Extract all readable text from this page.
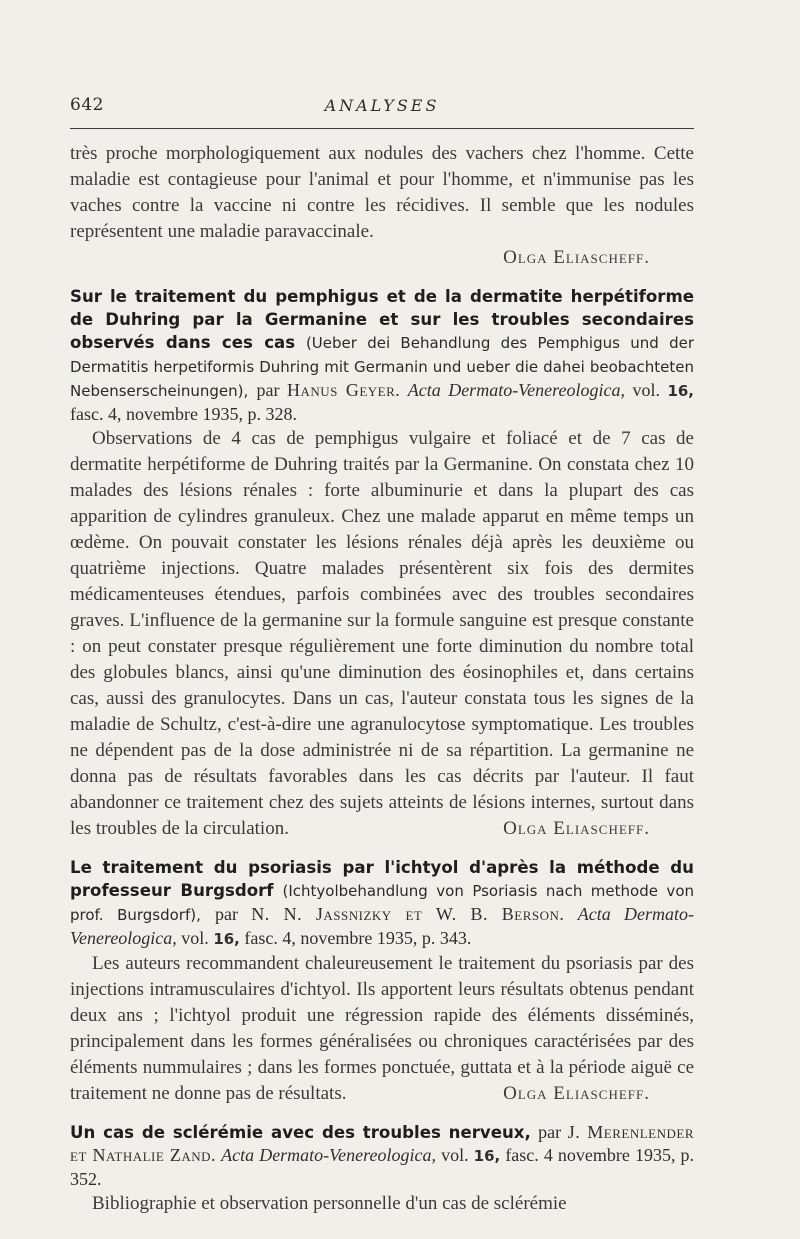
642	ANALYSES

très proche morphologiquement aux nodules des vachers chez l'homme. Cette maladie est contagieuse pour l'animal et pour l'homme, et n'immunise pas les vaches contre la vaccine ni contre les récidives. Il semble que les nodules représentent une maladie paravaccinale.

Olga Eliascheff.

Sur le traitement du pemphigus et de la dermatite herpétiforme de Duhring par la Germanine et sur les troubles secondaires observés dans ces cas (Ueber dei Behandlung des Pemphigus und der Dermatitis herpetiformis Duhring mit Germanin und ueber die dahei beobachteten Nebenserscheinungen), par Hanus Geyer. Acta Dermato-Venereologica, vol. 16, fasc. 4, novembre 1935, p. 328.

Observations de 4 cas de pemphigus vulgaire et foliacé et de 7 cas de dermatite herpétiforme de Duhring traités par la Germanine. On constata chez 10 malades des lésions rénales : forte albuminurie et dans la plupart des cas apparition de cylindres granuleux. Chez une malade apparut en même temps un œdème. On pouvait constater les lésions rénales déjà après les deuxième ou quatrième injections. Quatre malades présentèrent six fois des dermites médicamenteuses étendues, parfois combinées avec des troubles secondaires graves. L'influence de la germanine sur la formule sanguine est presque constante : on peut constater presque régulièrement une forte diminution du nombre total des globules blancs, ainsi qu'une diminution des éosinophiles et, dans certains cas, aussi des granulocytes. Dans un cas, l'auteur constata tous les signes de la maladie de Schultz, c'est-à-dire une agranulocytose symptomatique. Les troubles ne dépendent pas de la dose administrée ni de sa répartition. La germanine ne donna pas de résultats favorables dans les cas décrits par l'auteur. Il faut abandonner ce traitement chez des sujets atteints de lésions internes, surtout dans les troubles de la circulation.	Olga Eliascheff.

Le traitement du psoriasis par l'ichtyol d'après la méthode du professeur Burgsdorf (Ichtyolbehandlung von Psoriasis nach methode von prof. Burgsdorf), par N. N. Jassnizky et W. B. Berson. Acta Dermato-Venereologica, vol. 16, fasc. 4, novembre 1935, p. 343.

Les auteurs recommandent chaleureusement le traitement du psoriasis par des injections intramusculaires d'ichtyol. Ils apportent leurs résultats obtenus pendant deux ans ; l'ichtyol produit une régression rapide des éléments disséminés, principalement dans les formes généralisées ou chroniques caractérisées par des éléments nummulaires ; dans les formes ponctuée, guttata et à la période aiguë ce traitement ne donne pas de résultats.	Olga Eliascheff.

Un cas de sclérémie avec des troubles nerveux, par J. Merenlender et Nathalie Zand. Acta Dermato-Venereologica, vol. 16, fasc. 4 novembre 1935, p. 352.

Bibliographie et observation personnelle d'un cas de sclérémie
